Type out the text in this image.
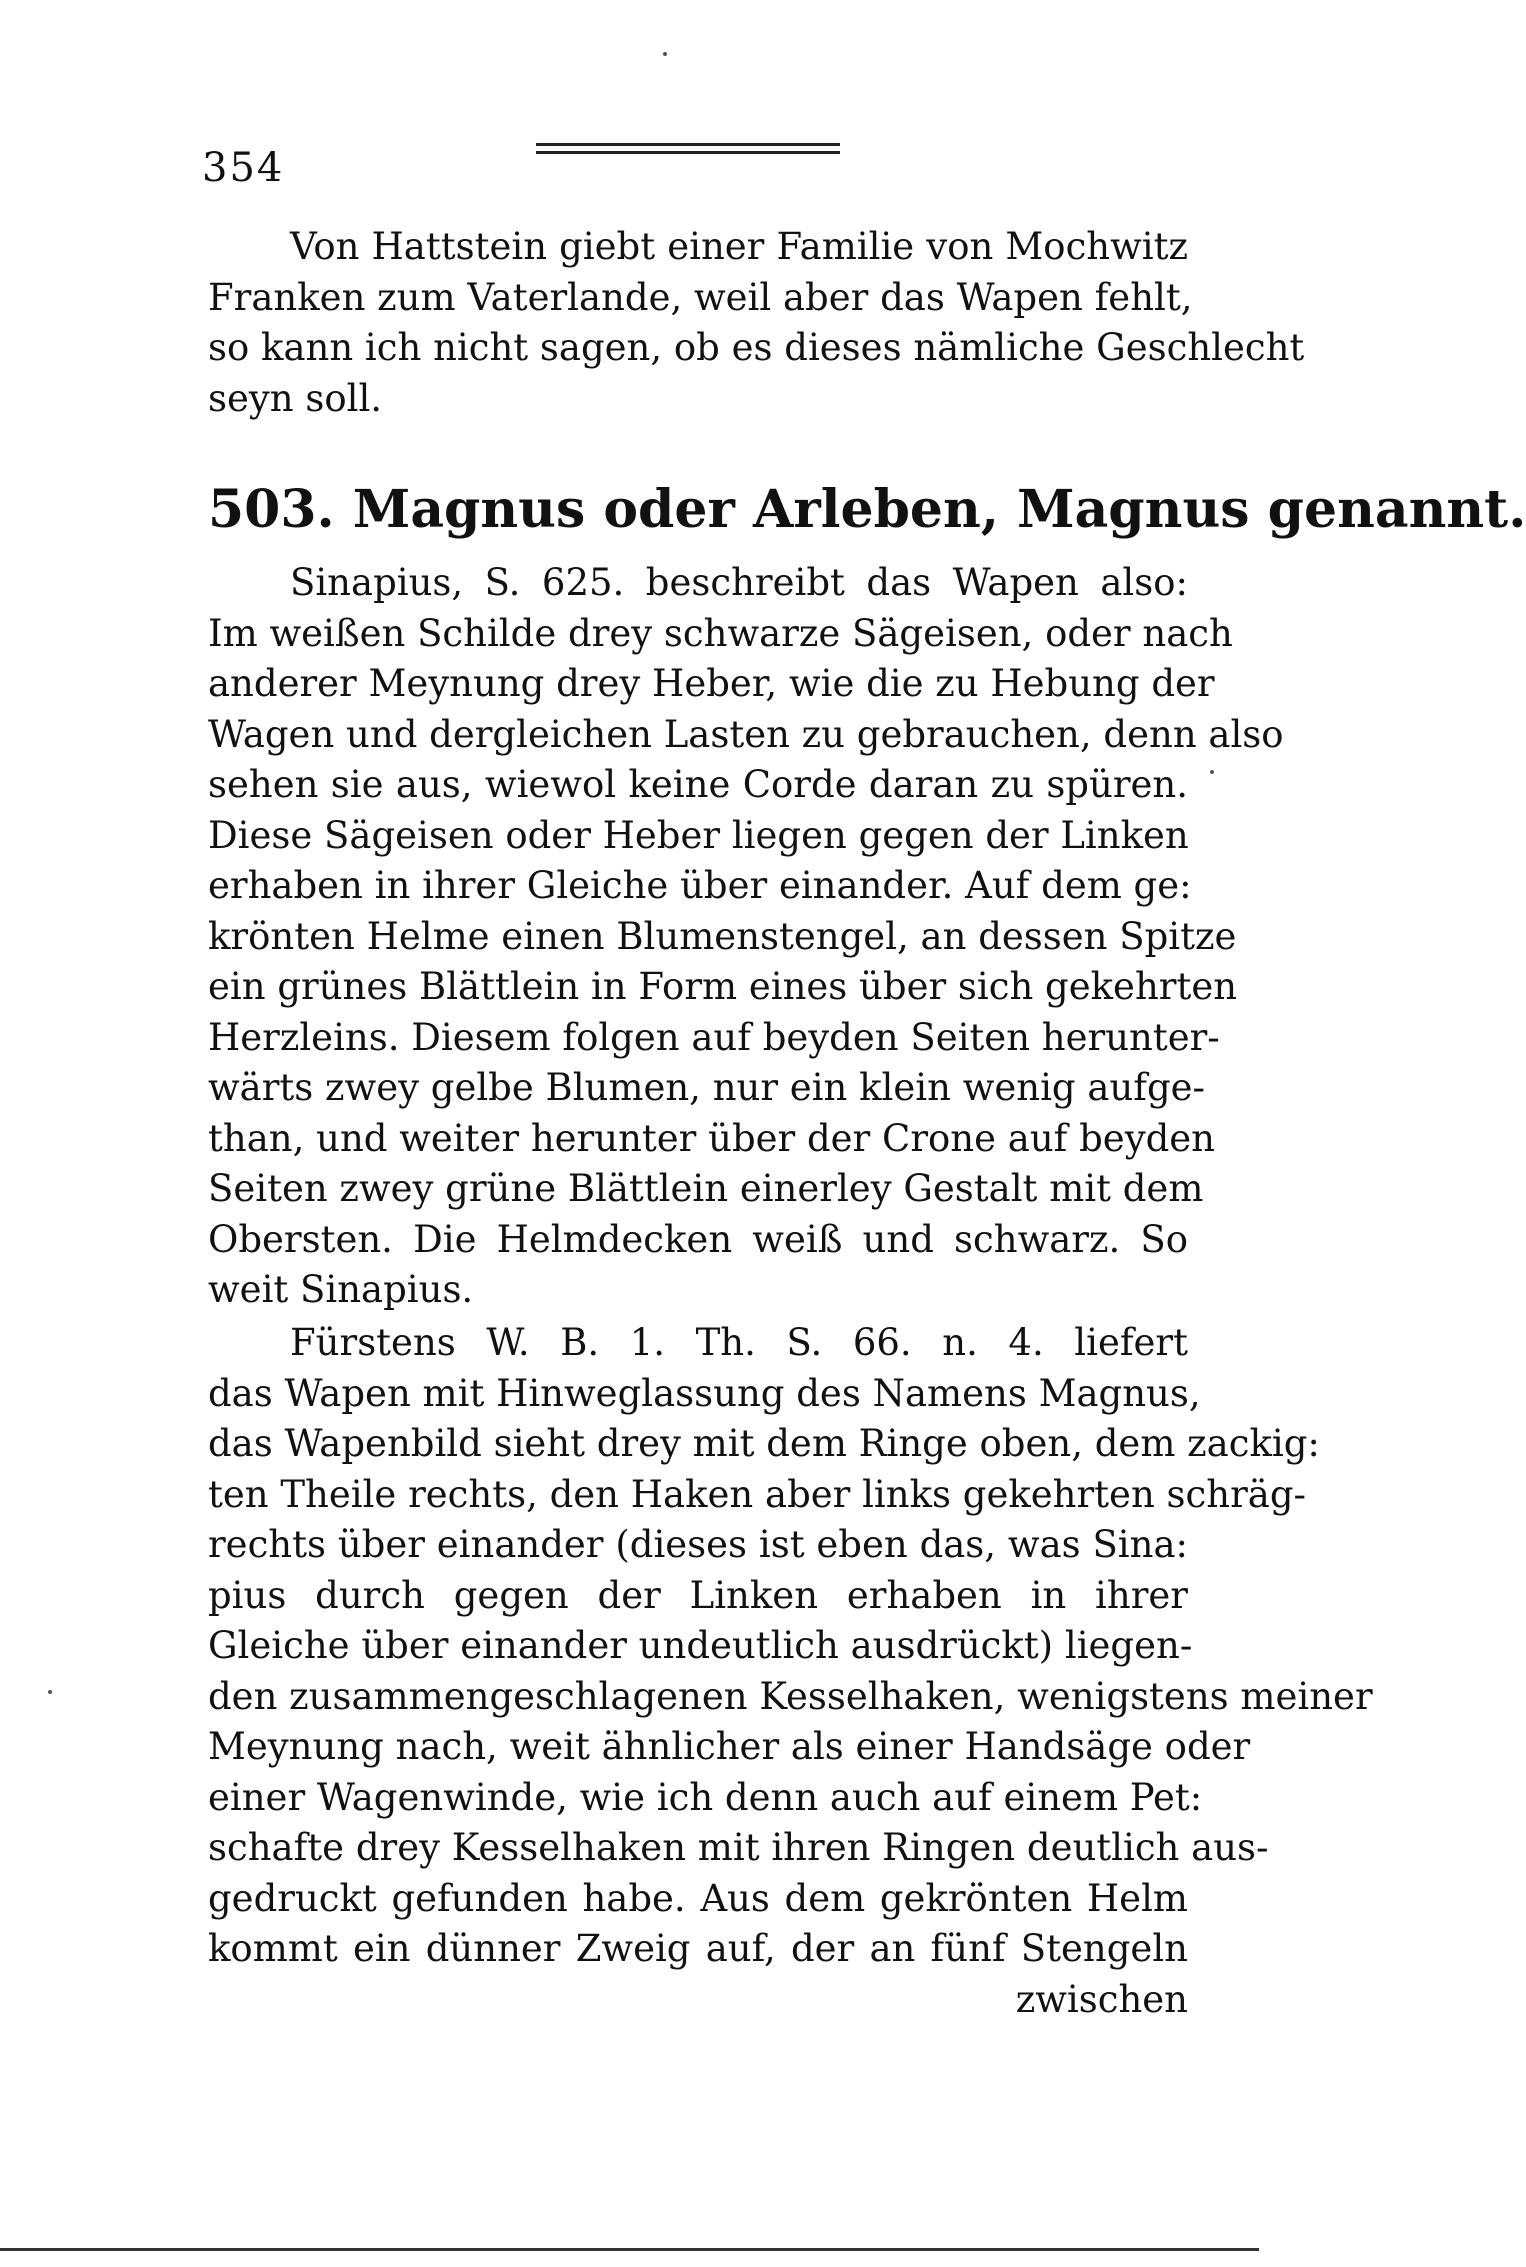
354
Von Hattstein giebt einer Familie von Mochwitz
Franken zum Vaterlande, weil aber das Wapen fehlt,
so kann ich nicht sagen, ob es dieses nämliche Geschlecht
seyn soll.
503. Magnus oder Arleben, Magnus genannt.
Sinapius, S. 625. beschreibt das Wapen also:
Im weißen Schilde drey schwarze Sägeisen, oder nach
anderer Meynung drey Heber, wie die zu Hebung der
Wagen und dergleichen Lasten zu gebrauchen, denn also
sehen sie aus, wiewol keine Corde daran zu spüren.
Diese Sägeisen oder Heber liegen gegen der Linken
erhaben in ihrer Gleiche über einander. Auf dem ge:
krönten Helme einen Blumenstengel, an dessen Spitze
ein grünes Blättlein in Form eines über sich gekehrten
Herzleins. Diesem folgen auf beyden Seiten herunter-
wärts zwey gelbe Blumen, nur ein klein wenig aufge-
than, und weiter herunter über der Crone auf beyden
Seiten zwey grüne Blättlein einerley Gestalt mit dem
Obersten. Die Helmdecken weiß und schwarz. So
weit Sinapius.
Fürstens W. B. 1. Th. S. 66. n. 4. liefert
das Wapen mit Hinweglassung des Namens Magnus,
das Wapenbild sieht drey mit dem Ringe oben, dem zackig:
ten Theile rechts, den Haken aber links gekehrten schräg-
rechts über einander (dieses ist eben das, was Sina:
pius durch gegen der Linken erhaben in ihrer
Gleiche über einander undeutlich ausdrückt) liegen-
den zusammengeschlagenen Kesselhaken, wenigstens meiner
Meynung nach, weit ähnlicher als einer Handsäge oder
einer Wagenwinde, wie ich denn auch auf einem Pet:
schafte drey Kesselhaken mit ihren Ringen deutlich aus-
gedruckt gefunden habe. Aus dem gekrönten Helm
kommt ein dünner Zweig auf, der an fünf Stengeln
zwischen
